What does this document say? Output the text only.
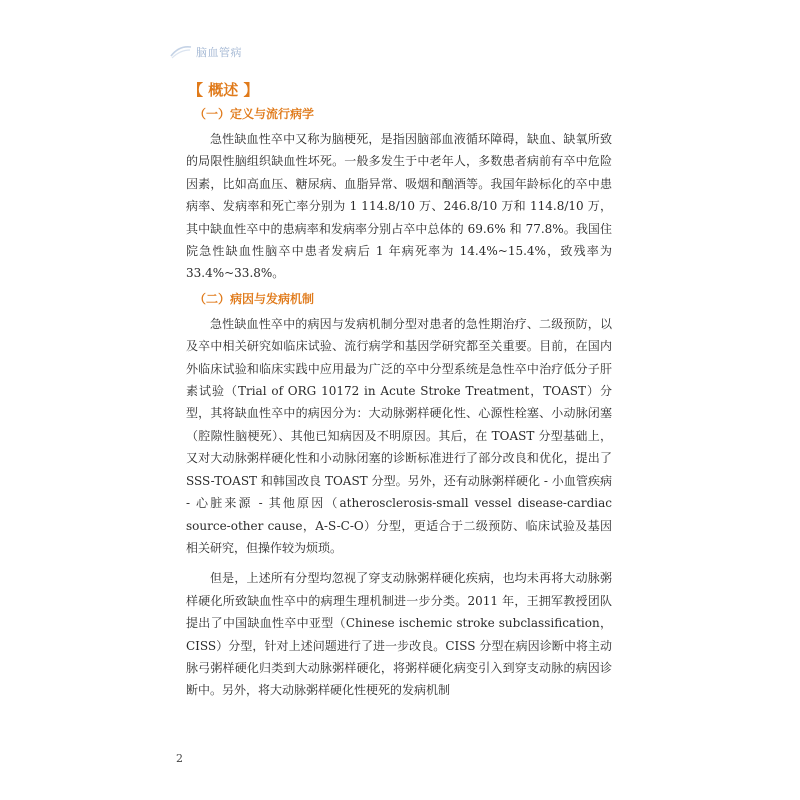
脑血管病
【 概述 】
（一）定义与流行病学

急性缺血性卒中又称为脑梗死，是指因脑部血液循环障碍，缺血、缺氧所致的局限性脑组织缺血性坏死。一般多发生于中老年人，多数患者病前有卒中危险因素，比如高血压、糖尿病、血脂异常、吸烟和酗酒等。我国年龄标化的卒中患病率、发病率和死亡率分别为 1 114.8/10 万、246.8/10 万和 114.8/10 万，其中缺血性卒中的患病率和发病率分别占卒中总体的 69.6% 和 77.8%。我国住院急性缺血性脑卒中患者发病后 1 年病死率为 14.4%~15.4%，致残率为 33.4%~33.8%。

（二）病因与发病机制

急性缺血性卒中的病因与发病机制分型对患者的急性期治疗、二级预防，以及卒中相关研究如临床试验、流行病学和基因学研究都至关重要。目前，在国内外临床试验和临床实践中应用最为广泛的卒中分型系统是急性卒中治疗低分子肝素试验（Trial of ORG 10172 in Acute Stroke Treatment，TOAST）分型，其将缺血性卒中的病因分为：大动脉粥样硬化性、心源性栓塞、小动脉闭塞（腔隙性脑梗死）、其他已知病因及不明原因。其后，在 TOAST 分型基础上，又对大动脉粥样硬化性和小动脉闭塞的诊断标准进行了部分改良和优化，提出了 SSS-TOAST 和韩国改良 TOAST 分型。另外，还有动脉粥样硬化 - 小血管疾病 - 心脏来源 - 其他原因（atherosclerosis-small vessel disease-cardiac source-other cause，A-S-C-O）分型，更适合于二级预防、临床试验及基因相关研究，但操作较为烦琐。

但是，上述所有分型均忽视了穿支动脉粥样硬化疾病，也均未再将大动脉粥样硬化所致缺血性卒中的病理生理机制进一步分类。2011 年，王拥军教授团队提出了中国缺血性卒中亚型（Chinese ischemic stroke subclassification，CISS）分型，针对上述问题进行了进一步改良。CISS 分型在病因诊断中将主动脉弓粥样硬化归类到大动脉粥样硬化，将粥样硬化病变引入到穿支动脉的病因诊断中。另外，将大动脉粥样硬化性梗死的发病机制

2
